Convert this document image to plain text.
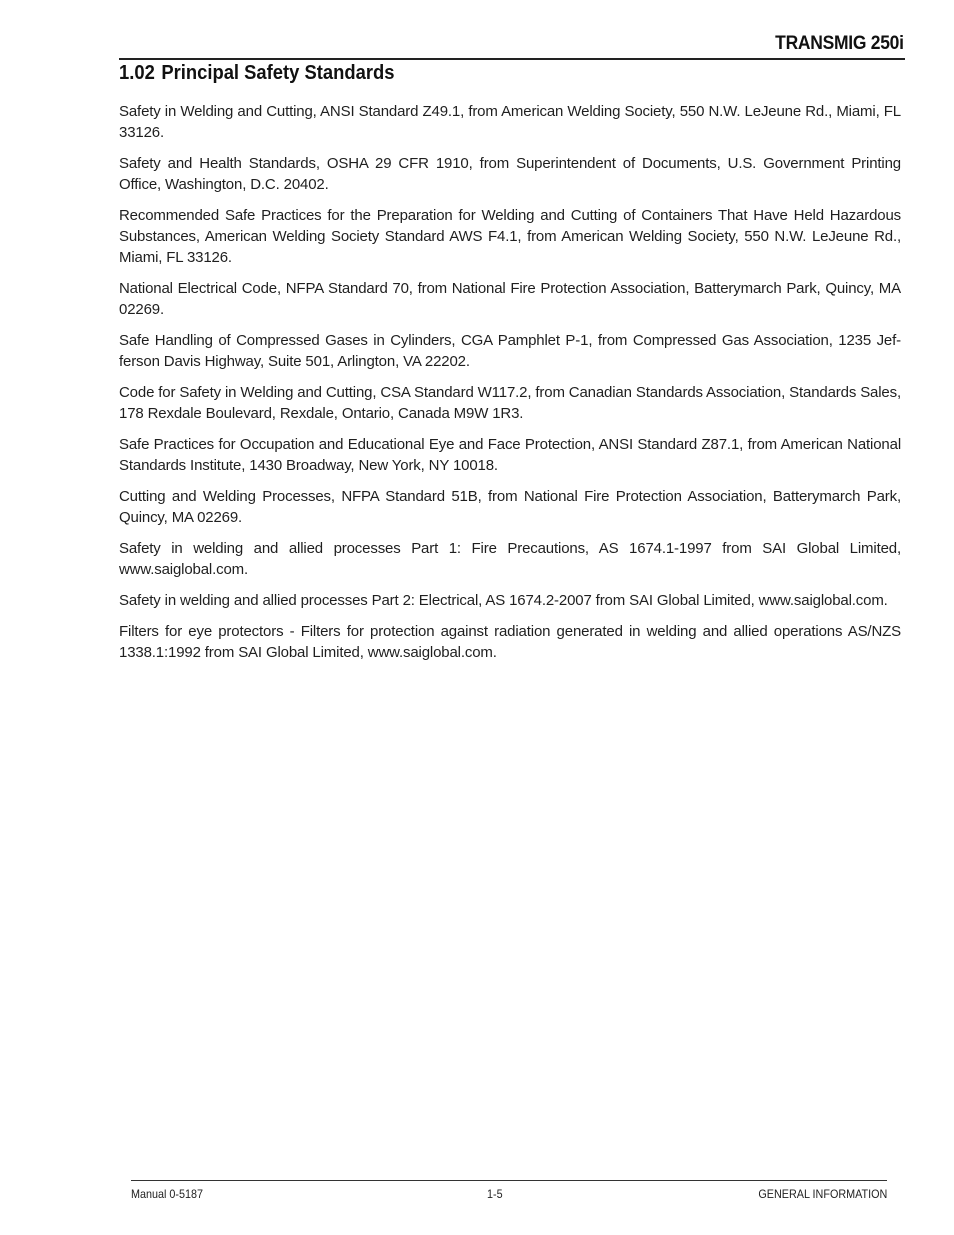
TRANSMIG 250i
1.02 Principal Safety Standards

Safety in Welding and Cutting, ANSI Standard Z49.1, from American Welding Society, 550 N.W. LeJeune Rd., Miami, FL 33126.

Safety and Health Standards, OSHA 29 CFR 1910, from Superintendent of Documents, U.S. Government Printing Office, Washington, D.C. 20402.

Recommended Safe Practices for the Preparation for Welding and Cutting of Containers That Have Held Hazardous Substances, American Welding Society Standard AWS F4.1, from American Welding Society, 550 N.W. LeJeune Rd., Miami, FL 33126.

National Electrical Code, NFPA Standard 70, from National Fire Protection Association, Batterymarch Park, Quincy, MA 02269.

Safe Handling of Compressed Gases in Cylinders, CGA Pamphlet P-1, from Compressed Gas Association, 1235 Jef-ferson Davis Highway, Suite 501, Arlington, VA 22202.

Code for Safety in Welding and Cutting, CSA Standard W117.2, from Canadian Standards Association, Standards Sales, 178 Rexdale Boulevard, Rexdale, Ontario, Canada M9W 1R3.

Safe Practices for Occupation and Educational Eye and Face Protection, ANSI Standard Z87.1, from American National Standards Institute, 1430 Broadway, New York, NY 10018.

Cutting and Welding Processes, NFPA Standard 51B, from National Fire Protection Association, Batterymarch Park, Quincy, MA 02269.

Safety in welding and allied processes Part 1: Fire Precautions, AS 1674.1-1997 from SAI Global Limited, www.saiglobal.com.

Safety in welding and allied processes Part 2: Electrical, AS 1674.2-2007 from SAI Global Limited, www.saiglobal.com.

Filters for eye protectors - Filters for protection against radiation generated in welding and allied operations AS/NZS 1338.1:1992 from SAI Global Limited, www.saiglobal.com.

Manual 0-5187	1-5	GENERAL INFORMATION
